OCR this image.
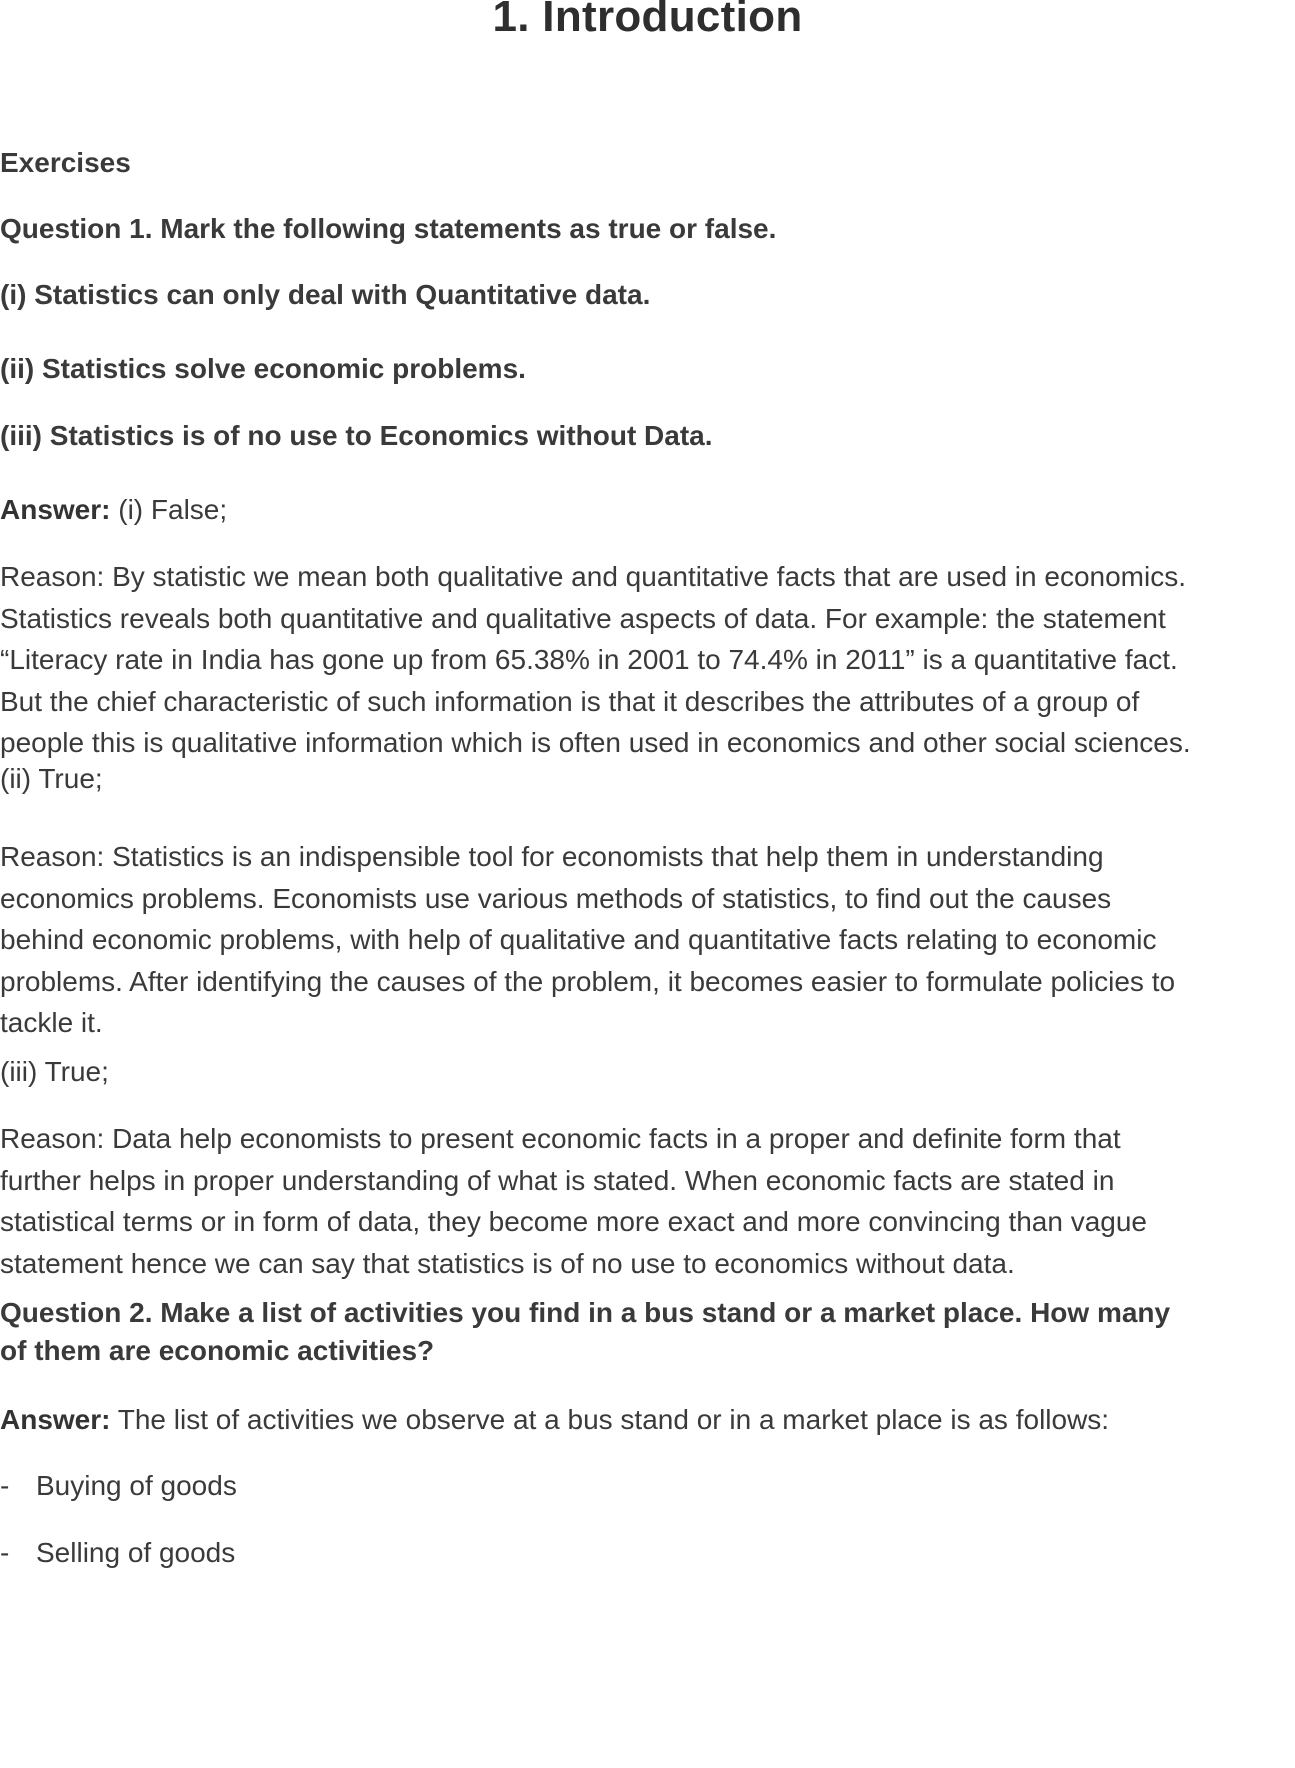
1. Introduction

Exercises

Question 1. Mark the following statements as true or false.

(i) Statistics can only deal with Quantitative data.

(ii) Statistics solve economic problems.

(iii) Statistics is of no use to Economics without Data.

Answer: (i) False;

Reason: By statistic we mean both qualitative and quantitative facts that are used in economics.
Statistics reveals both quantitative and qualitative aspects of data. For example: the statement
“Literacy rate in India has gone up from 65.38% in 2001 to 74.4% in 2011” is a quantitative fact.
But the chief characteristic of such information is that it describes the attributes of a group of
people this is qualitative information which is often used in economics and other social sciences.

(ii) True;

Reason: Statistics is an indispensible tool for economists that help them in understanding
economics problems. Economists use various methods of statistics, to find out the causes
behind economic problems, with help of qualitative and quantitative facts relating to economic
problems. After identifying the causes of the problem, it becomes easier to formulate policies to
tackle it.

(iii) True;

Reason: Data help economists to present economic facts in a proper and definite form that
further helps in proper understanding of what is stated. When economic facts are stated in
statistical terms or in form of data, they become more exact and more convincing than vague
statement hence we can say that statistics is of no use to economics without data.
Question 2. Make a list of activities you find in a bus stand or a market place. How many
of them are economic activities?

Answer: The list of activities we observe at a bus stand or in a market place is as follows:

- Buying of goods
- Selling of goods
